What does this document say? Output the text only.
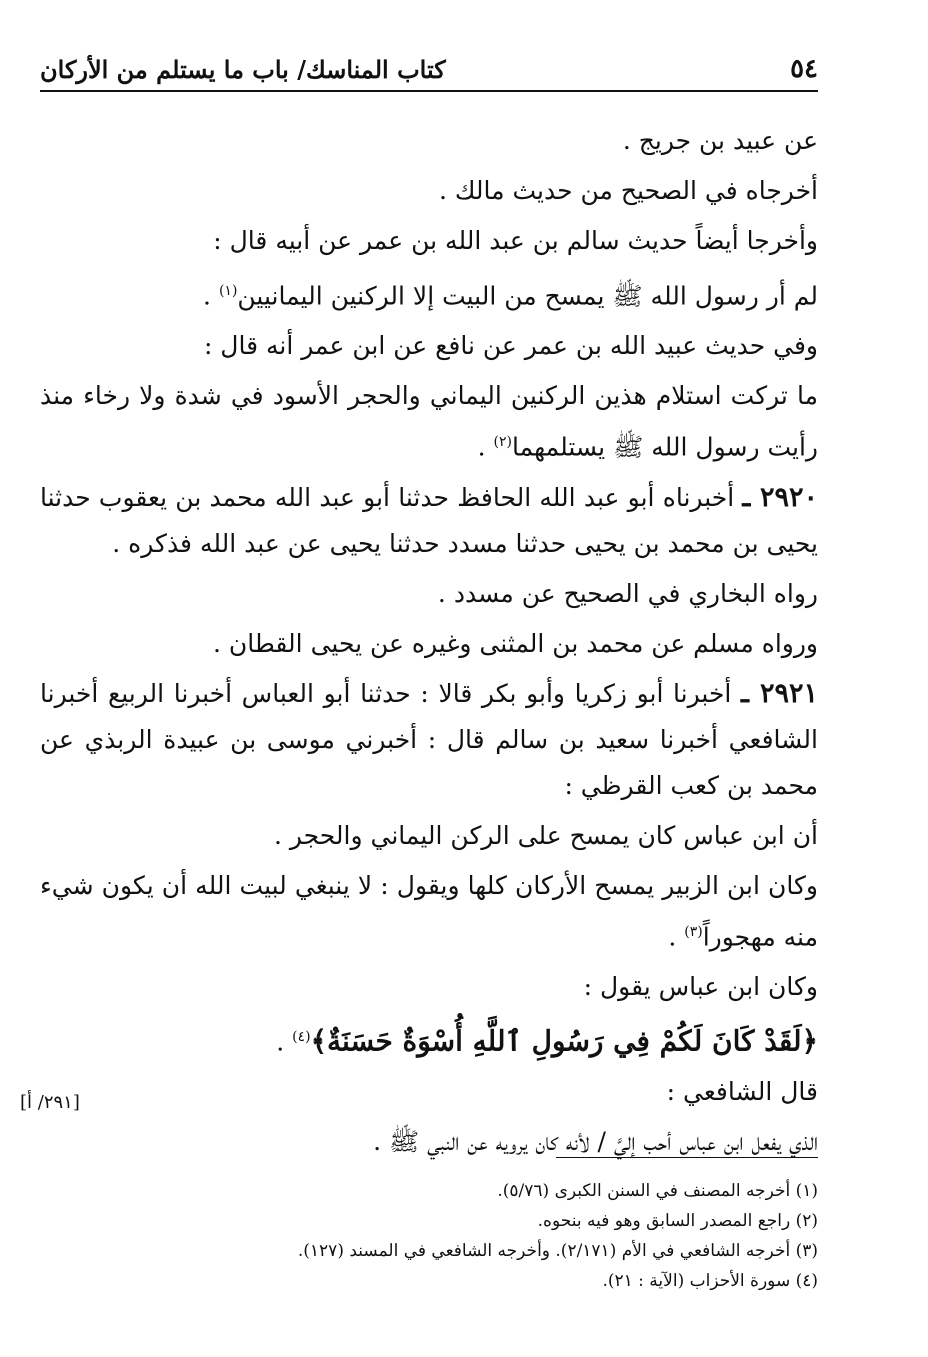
٥٤
كتاب المناسك/ باب ما يستلم من الأركان

عن عبيد بن جريج .

أخرجاه في الصحيح من حديث مالك .

وأخرجا أيضاً حديث سالم بن عبد الله بن عمر عن أبيه قال :

لم أر رسول الله ﷺ يمسح من البيت إلا الركنين اليمانيين$^{(١)}$ .

وفي حديث عبيد الله بن عمر عن نافع عن ابن عمر أنه قال :

ما تركت استلام هذين الركنين اليماني والحجر الأسود في شدة ولا رخاء منذ رأيت رسول الله ﷺ يستلمهما$^{(٢)}$ .

٢٩٢٠ ـ أخبرناه أبو عبد الله الحافظ حدثنا أبو عبد الله محمد بن يعقوب حدثنا يحيى بن محمد بن يحيى حدثنا مسدد حدثنا يحيى عن عبد الله فذكره .

رواه البخاري في الصحيح عن مسدد .

ورواه مسلم عن محمد بن المثنى وغيره عن يحيى القطان .

٢٩٢١ ـ أخبرنا أبو زكريا وأبو بكر قالا : حدثنا أبو العباس أخبرنا الربيع أخبرنا الشافعي أخبرنا سعيد بن سالم قال : أخبرني موسى بن عبيدة الربذي عن محمد بن كعب القرظي :

أن ابن عباس كان يمسح على الركن اليماني والحجر .

وكان ابن الزبير يمسح الأركان كلها ويقول : لا ينبغي لبيت الله أن يكون شيء منه مهجوراً$^{(٣)}$ .

وكان ابن عباس يقول :

﴿لَقَدْ كَانَ لَكُمْ فِي رَسُولِ ٱللَّهِ أُسْوَةٌ حَسَنَةٌ﴾$^{(٤)}$ .

قال الشافعي :

الذي يفعل ابن عباس أحب إليَّ / لأنه كان يرويه عن النبي ﷺ .

[٢٩١/ أ]
(١) أخرجه المصنف في السنن الكبرى (٥/٧٦).
(٢) راجع المصدر السابق وهو فيه بنحوه.
(٣) أخرجه الشافعي في الأم (٢/١٧١). وأخرجه الشافعي في المسند (١٢٧).
(٤) سورة الأحزاب (الآية : ٢١).
